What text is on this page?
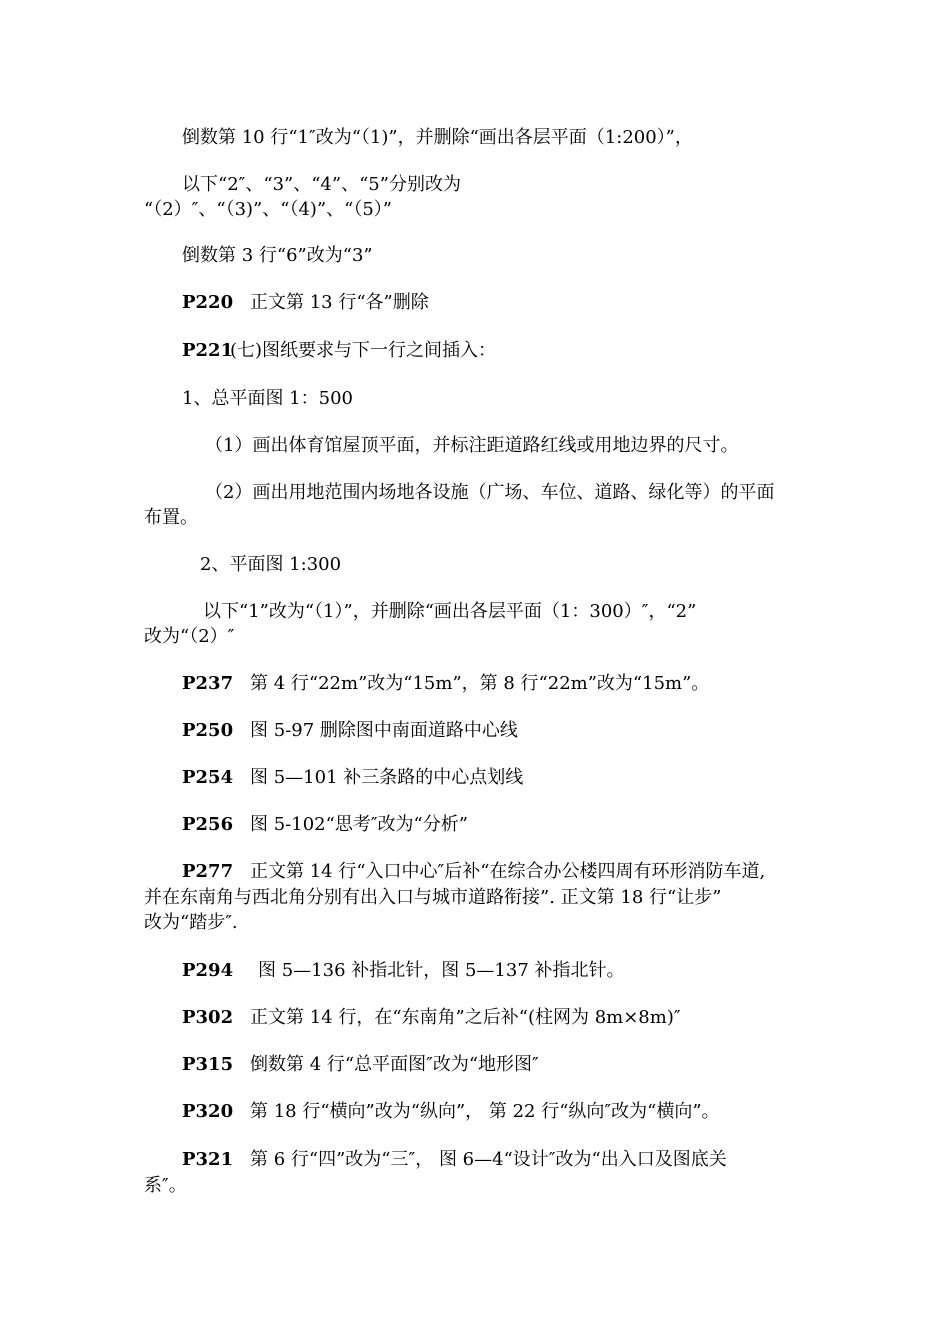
倒数第 10 行“1″改为“（1)”，并删除“画出各层平面（1:200）”，
以下“2″、“3”、“4”、“5”分别改为
“（2）″、“（3)”、“（4)”、“（5）”
倒数第 3 行“6”改为“3”
P220 正文第 13 行“各”删除
P221
(七)图纸要求与下一行之间插入：
1、总平面图 1：500
（1）画出体育馆屋顶平面，并标注距道路红线或用地边界的尺寸。
（2）画出用地范围内场地各设施（广场、车位、道路、绿化等）的平面
布置。
2、平面图 1:300
以下“1”改为“（1）”，并删除“画出各层平面（1：300）″，“2”
改为“（2）″
P237 第 4 行“22m”改为“15m”，第 8 行“22m”改为“15m”。
P250 图 5-97 删除图中南面道路中心线
P254 图 5—101 补三条路的中心点划线
P256 图 5-102“思考″改为“分析”
P277 正文第 14 行“入口中心″后补“在综合办公楼四周有环形消防车道,
并在东南角与西北角分别有出入口与城市道路衔接”. 正文第 18 行“让步”
改为“踏步″.
P294 图 5—136 补指北针，图 5—137 补指北针。
P302 正文第 14 行，在“东南角”之后补“(柱网为 8m×8m)″
P315 倒数第 4 行“总平面图″改为“地形图″
P320 第 18 行“横向”改为“纵向”， 第 22 行“纵向″改为“横向”。
P321 第 6 行“四”改为“三″， 图 6—4“设计″改为“出入口及图底关
系″。
